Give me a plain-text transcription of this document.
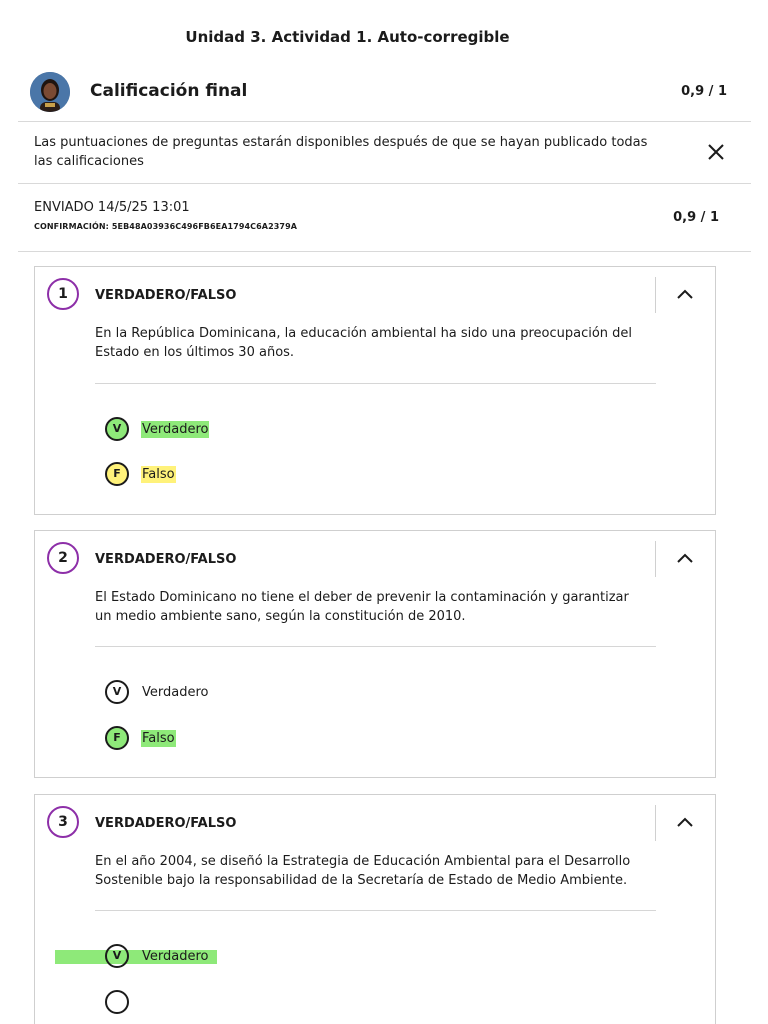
Unidad 3. Actividad 1. Auto-corregible
Calificación final	0,9 / 1
Las puntuaciones de preguntas estarán disponibles después de que se hayan publicado todas las calificaciones
ENVIADO 14/5/25 13:01
CONFIRMACIÓN: 5EB48A03936C496FB6EA1794C6A2379A
0,9 / 1
1	VERDADERO/FALSO
En la República Dominicana, la educación ambiental ha sido una preocupación del Estado en los últimos 30 años.
V	Verdadero
F	Falso
2	VERDADERO/FALSO
El Estado Dominicano no tiene el deber de prevenir la contaminación y garantizar un medio ambiente sano, según la constitución de 2010.
V	Verdadero
F	Falso
3	VERDADERO/FALSO
En el año 2004, se diseñó la Estrategia de Educación Ambiental para el Desarrollo Sostenible bajo la responsabilidad de la Secretaría de Estado de Medio Ambiente.
V	Verdadero
